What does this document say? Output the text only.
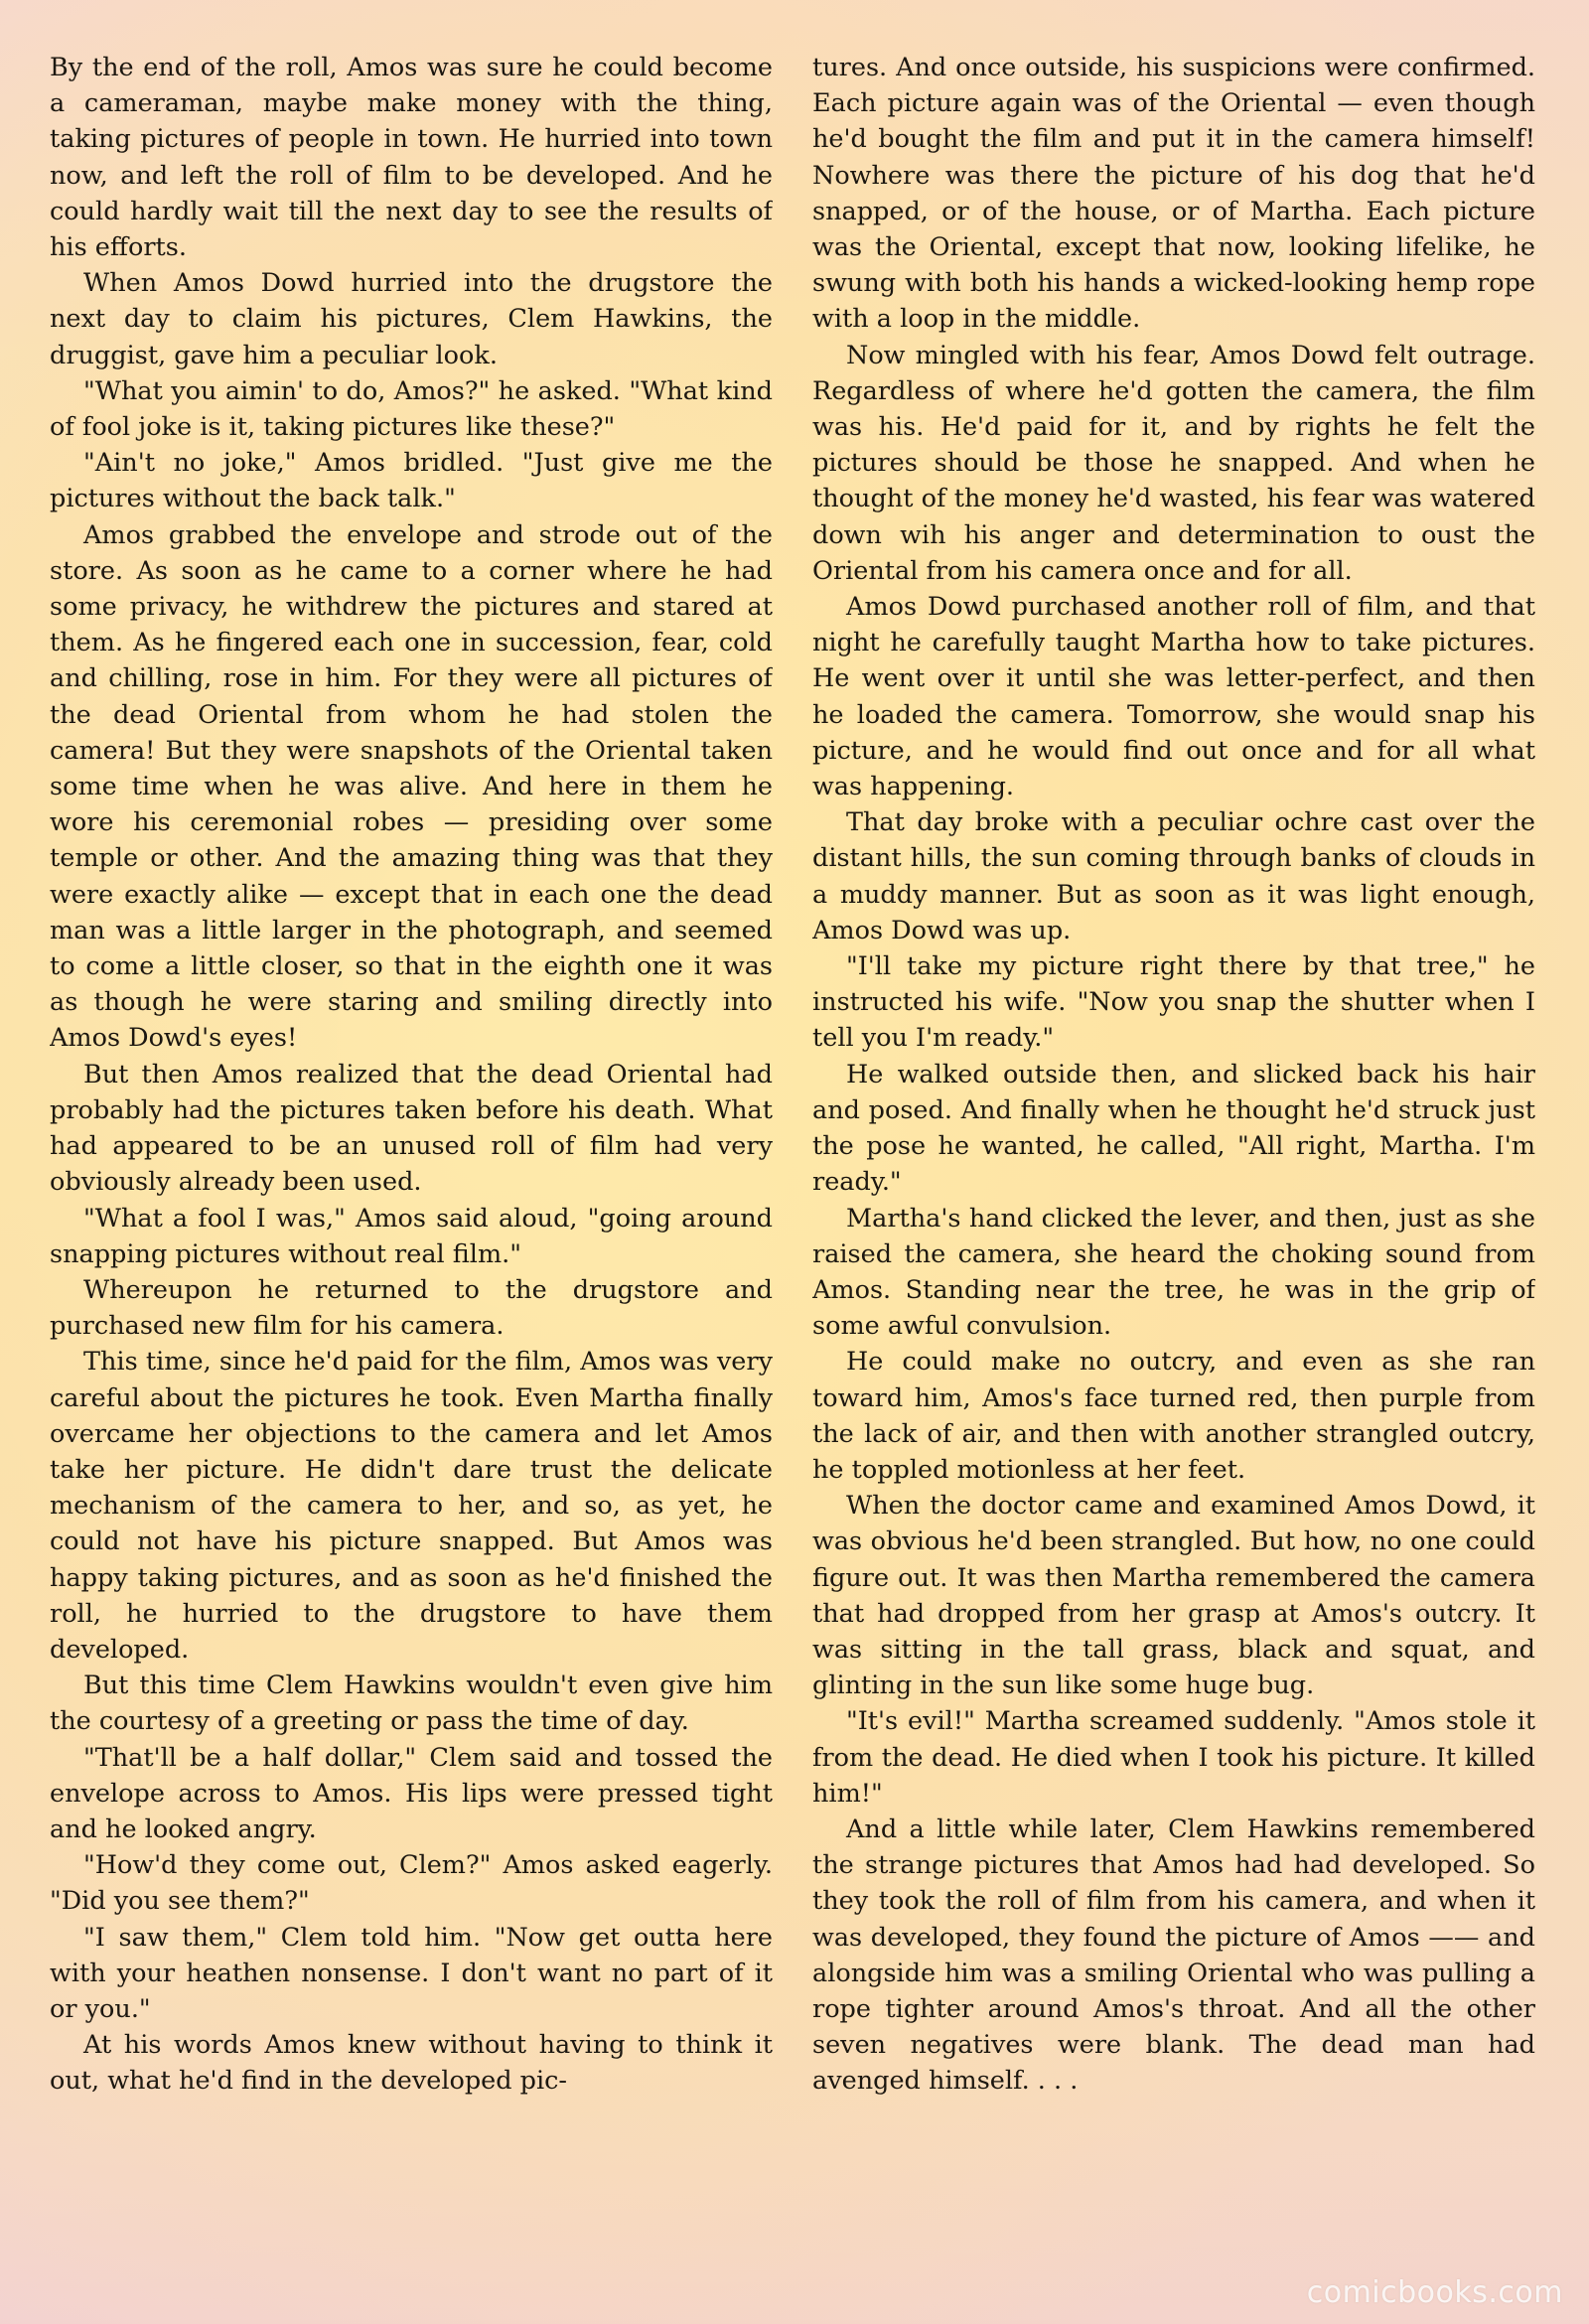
By the end of the roll, Amos was sure he could become a cameraman, maybe make money with the thing, taking pictures of people in town. He hurried into town now, and left the roll of film to be developed. And he could hardly wait till the next day to see the results of his efforts.

When Amos Dowd hurried into the drugstore the next day to claim his pictures, Clem Hawkins, the druggist, gave him a peculiar look.

"What you aimin' to do, Amos?" he asked. "What kind of fool joke is it, taking pictures like these?"

"Ain't no joke," Amos bridled. "Just give me the pictures without the back talk."

Amos grabbed the envelope and strode out of the store. As soon as he came to a corner where he had some privacy, he withdrew the pictures and stared at them. As he fingered each one in succession, fear, cold and chilling, rose in him. For they were all pictures of the dead Oriental from whom he had stolen the camera! But they were snapshots of the Oriental taken some time when he was alive. And here in them he wore his ceremonial robes — presiding over some temple or other. And the amazing thing was that they were exactly alike — except that in each one the dead man was a little larger in the photograph, and seemed to come a little closer, so that in the eighth one it was as though he were staring and smiling directly into Amos Dowd's eyes!

But then Amos realized that the dead Oriental had probably had the pictures taken before his death. What had appeared to be an unused roll of film had very obviously already been used.

"What a fool I was," Amos said aloud, "going around snapping pictures without real film."

Whereupon he returned to the drugstore and purchased new film for his camera.

This time, since he'd paid for the film, Amos was very careful about the pictures he took. Even Martha finally overcame her objections to the camera and let Amos take her picture. He didn't dare trust the delicate mechanism of the camera to her, and so, as yet, he could not have his picture snapped. But Amos was happy taking pictures, and as soon as he'd finished the roll, he hurried to the drugstore to have them developed.

But this time Clem Hawkins wouldn't even give him the courtesy of a greeting or pass the time of day.

"That'll be a half dollar," Clem said and tossed the envelope across to Amos. His lips were pressed tight and he looked angry.

"How'd they come out, Clem?" Amos asked eagerly. "Did you see them?"

"I saw them," Clem told him. "Now get outta here with your heathen nonsense. I don't want no part of it or you."

At his words Amos knew without having to think it out, what he'd find in the developed pic-

tures. And once outside, his suspicions were confirmed. Each picture again was of the Oriental — even though he'd bought the film and put it in the camera himself! Nowhere was there the picture of his dog that he'd snapped, or of the house, or of Martha. Each picture was the Oriental, except that now, looking lifelike, he swung with both his hands a wicked-looking hemp rope with a loop in the middle.

Now mingled with his fear, Amos Dowd felt outrage. Regardless of where he'd gotten the camera, the film was his. He'd paid for it, and by rights he felt the pictures should be those he snapped. And when he thought of the money he'd wasted, his fear was watered down wih his anger and determination to oust the Oriental from his camera once and for all.

Amos Dowd purchased another roll of film, and that night he carefully taught Martha how to take pictures. He went over it until she was letter-perfect, and then he loaded the camera. Tomorrow, she would snap his picture, and he would find out once and for all what was happening.

That day broke with a peculiar ochre cast over the distant hills, the sun coming through banks of clouds in a muddy manner. But as soon as it was light enough, Amos Dowd was up.

"I'll take my picture right there by that tree," he instructed his wife. "Now you snap the shutter when I tell you I'm ready."

He walked outside then, and slicked back his hair and posed. And finally when he thought he'd struck just the pose he wanted, he called, "All right, Martha. I'm ready."

Martha's hand clicked the lever, and then, just as she raised the camera, she heard the choking sound from Amos. Standing near the tree, he was in the grip of some awful convulsion.

He could make no outcry, and even as she ran toward him, Amos's face turned red, then purple from the lack of air, and then with another strangled outcry, he toppled motionless at her feet.

When the doctor came and examined Amos Dowd, it was obvious he'd been strangled. But how, no one could figure out. It was then Martha remembered the camera that had dropped from her grasp at Amos's outcry. It was sitting in the tall grass, black and squat, and glinting in the sun like some huge bug.

"It's evil!" Martha screamed suddenly. "Amos stole it from the dead. He died when I took his picture. It killed him!"

And a little while later, Clem Hawkins remembered the strange pictures that Amos had had developed. So they took the roll of film from his camera, and when it was developed, they found the picture of Amos —— and alongside him was a smiling Oriental who was pulling a rope tighter around Amos's throat. And all the other seven negatives were blank. The dead man had avenged himself. . . .

comicbooks.com
